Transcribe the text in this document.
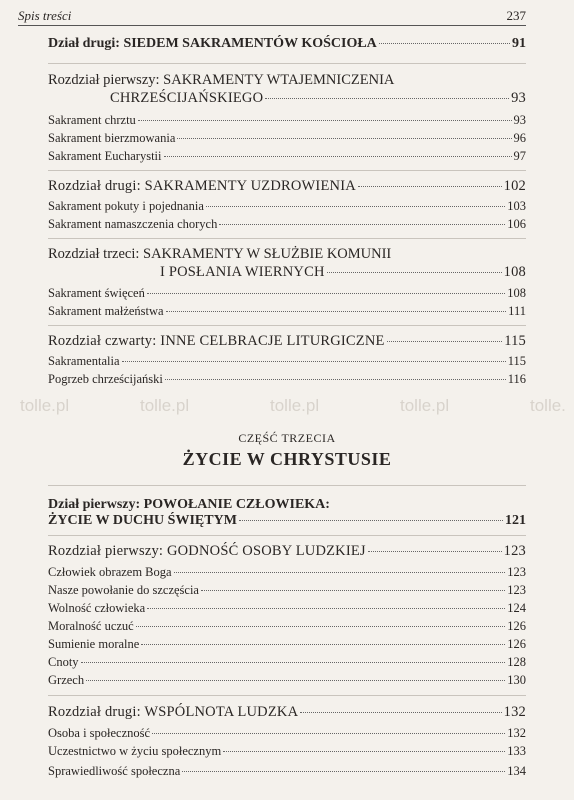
Spis treści	237
Dział drugi: SIEDEM SAKRAMENTÓW KOŚCIOŁA	91
Rozdział pierwszy: SAKRAMENTY WTAJEMNICZENIA
CHRZEŚCIJAŃSKIEGO	93
Sakrament chrztu	93
Sakrament bierzmowania	96
Sakrament Eucharystii	97
Rozdział drugi: SAKRAMENTY UZDROWIENIA	102
Sakrament pokuty i pojednania	103
Sakrament namaszczenia chorych	106
Rozdział trzeci: SAKRAMENTY W SŁUŻBIE KOMUNII
I POSŁANIA WIERNYCH	108
Sakrament święceń	108
Sakrament małżeństwa	111
Rozdział czwarty: INNE CELBRACJE LITURGICZNE	115
Sakramentalia	115
Pogrzeb chrześcijański	116
tolle.pl	tolle.pl	tolle.pl	tolle.pl	tolle.
CZĘŚĆ TRZECIA
ŻYCIE W CHRYSTUSIE
Dział pierwszy: POWOŁANIE CZŁOWIEKA:
ŻYCIE W DUCHU ŚWIĘTYM	121
Rozdział pierwszy: GODNOŚĆ OSOBY LUDZKIEJ	123
Człowiek obrazem Boga	123
Nasze powołanie do szczęścia	123
Wolność człowieka	124
Moralność uczuć	126
Sumienie moralne	126
Cnoty	128
Grzech	130
Rozdział drugi: WSPÓLNOTA LUDZKA	132
Osoba i społeczność	132
Uczestnictwo w życiu społecznym	133
Sprawiedliwość społeczna	134
